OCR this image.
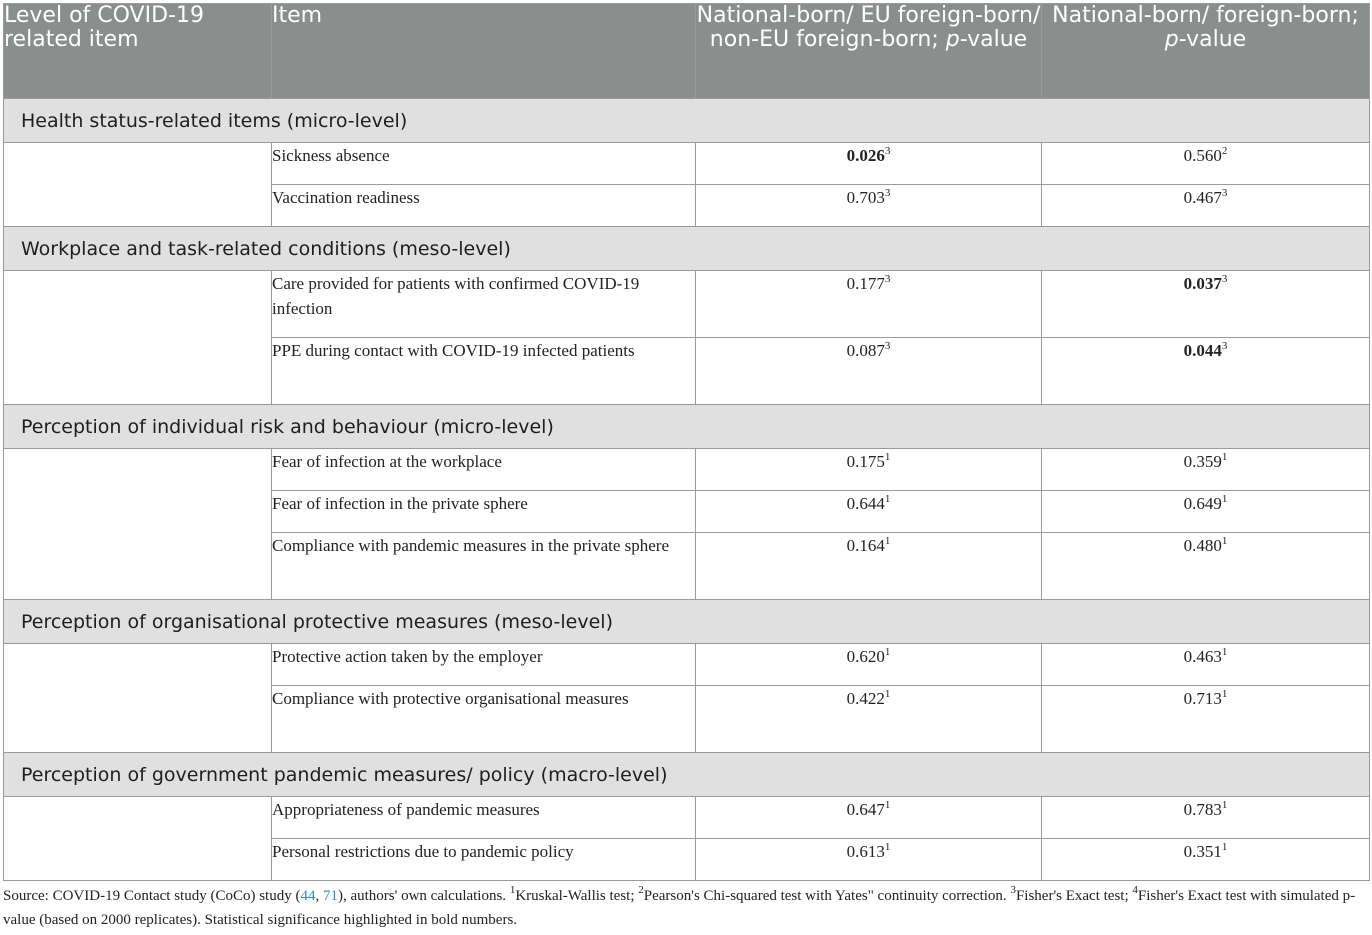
Level of COVID-19 related item	Item	National-born/ EU foreign-born/ non-EU foreign-born; p-value	National-born/ foreign-born; p-value
Health status-related items (micro-level)			
	Sickness absence	0.026$^3$	0.560$^2$
	Vaccination readiness	0.703$^3$	0.467$^3$
Workplace and task-related conditions (meso-level)			
	Care provided for patients with confirmed COVID-19 infection	0.177$^3$	0.037$^3$
	PPE during contact with COVID-19 infected patients	0.087$^3$	0.044$^3$
Perception of individual risk and behaviour (micro-level)			
	Fear of infection at the workplace	0.175$^1$	0.359$^1$
	Fear of infection in the private sphere	0.644$^1$	0.649$^1$
	Compliance with pandemic measures in the private sphere	0.164$^1$	0.480$^1$
Perception of organisational protective measures (meso-level)			
	Protective action taken by the employer	0.620$^1$	0.463$^1$
	Compliance with protective organisational measures	0.422$^1$	0.713$^1$
Perception of government pandemic measures/ policy (macro-level)			
	Appropriateness of pandemic measures	0.647$^1$	0.783$^1$
	Personal restrictions due to pandemic policy	0.613$^1$	0.351$^1$
Source: COVID-19 Contact study (CoCo) study (44, 71), authors' own calculations. $^1$Kruskal-Wallis test; $^2$Pearson's Chi-squared test with Yates" continuity correction. $^3$Fisher's Exact test; $^4$Fisher's Exact test with simulated p-value (based on 2000 replicates). Statistical significance highlighted in bold numbers.
